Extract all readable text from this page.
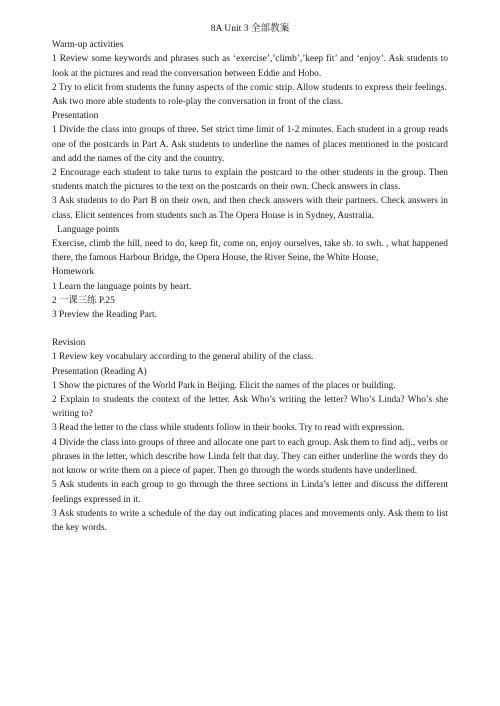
8A Unit 3 全部教案
Warm-up activities
1 Review some keywords and phrases such as ‘exercise’,’climb’,’keep fit’ and ‘enjoy’. Ask students to look at the pictures and read the conversation between Eddie and Hobo.
2 Try to elicit from students the funny aspects of the comic strip. Allow students to express their feelings.
Ask two more able students to role-play the conversation in front of the class.
Presentation
1 Divide the class into groups of three. Set strict time limit of 1-2 minutes. Each student in a group reads one of the postcards in Part A. Ask students to underline the names of places mentioned in the postcard and add the names of the city and the country.
2 Encourage each student to take turns to explain the postcard to the other students in the group. Then students match the pictures to the text on the postcards on their own. Check answers in class.
3 Ask students to do Part B on their own, and then check answers with their partners. Check answers in class. Elicit sentences from students such as The Opera House is in Sydney, Australia.
Language points
Exercise, climb the hill, need to do, keep fit, come on, enjoy ourselves, take sb. to swh. , what happened there, the famous Harbour Bridge, the Opera House, the River Seine, the White House,
Homework
1 Learn the language points by heart.
2 一课三练 P.25
3 Preview the Reading Part.
Revision
1 Review key vocabulary according to the general ability of the class.
Presentation (Reading A)
1 Show the pictures of the World Park in Beijing. Elicit the names of the places or building.
2 Explain to students the context of the letter. Ask Who’s writing the letter? Who’s Linda? Who’s she writing to?
3 Read the letter to the class while students follow in their books. Try to read with expression.
4 Divide the class into groups of three and allocate one part to each group. Ask them to find adj., verbs or phrases in the letter, which describe how Linda felt that day. They can either underline the words they do not know or write them on a piece of paper. Then go through the words students have underlined.
5 Ask students in each group to go through the three sections in Linda’s letter and discuss the different feelings expressed in it.
3 Ask students to write a schedule of the day out indicating places and movements only. Ask them to list the key words.
